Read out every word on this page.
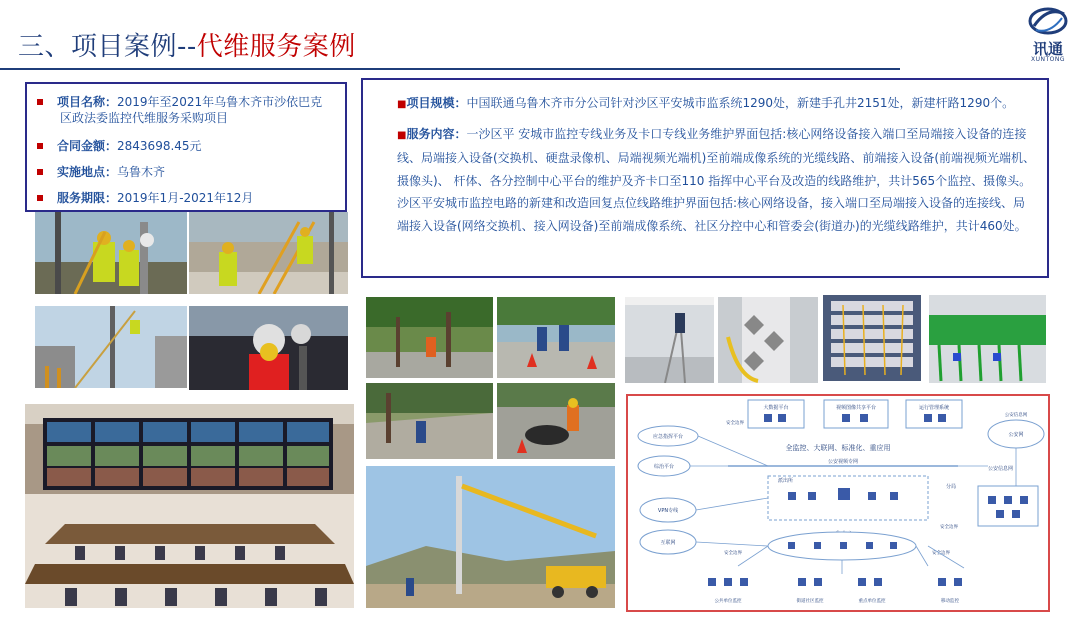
三、项目案例--代维服务案例	讯通
XUNTONG
项目名称：2019年至2021年乌鲁木齐市沙依巴克
区政法委监控代维服务采购项目
合同金额：2843698.45元
实施地点：乌鲁木齐
服务期限：2019年1月-2021年12月

■项目规模：中国联通乌鲁木齐市分公司针对沙区平安城市监系统1290处，新建手孔井2151处，新建杆路1290个。

■服务内容：一沙区平 安城市监控专线业务及卡口专线业务维护界面包括:核心网络设备接入端口至局端接入设备的连接线、局端接入设备(交换机、硬盘录像机、局端视频光端机)至前端成像系统的光缆线路、前端接入设备(前端视频光端机、摄像头)、 杆体、各分控制中心平台的维护及齐卡口至110 指挥中心平台及改造的线路维护，共计565个监控、摄像头。沙区平安城巿监控电路的新建和改造回复点位线路维护界面包括:核心网络设备，接入端口至局端接入设备的连接线、局端接入设备(网络交换机、接入网设备)至前端成像系统、社区分控中心和管委会(街道办)的光缆线路维护，共计460处。

大数据平台	视频图像共享平台	运行管理系统
全监控、大联网、标准化、重应用
公安视频专网
公安信息网
应急指挥平台
综治平台
VPN专线
互联网
公安网
分局
派出所
安全边界
安全边界	安全边界
安全边界
公共单位监控	街道社区监控	重点单位监控	移动监控
公安信息网
